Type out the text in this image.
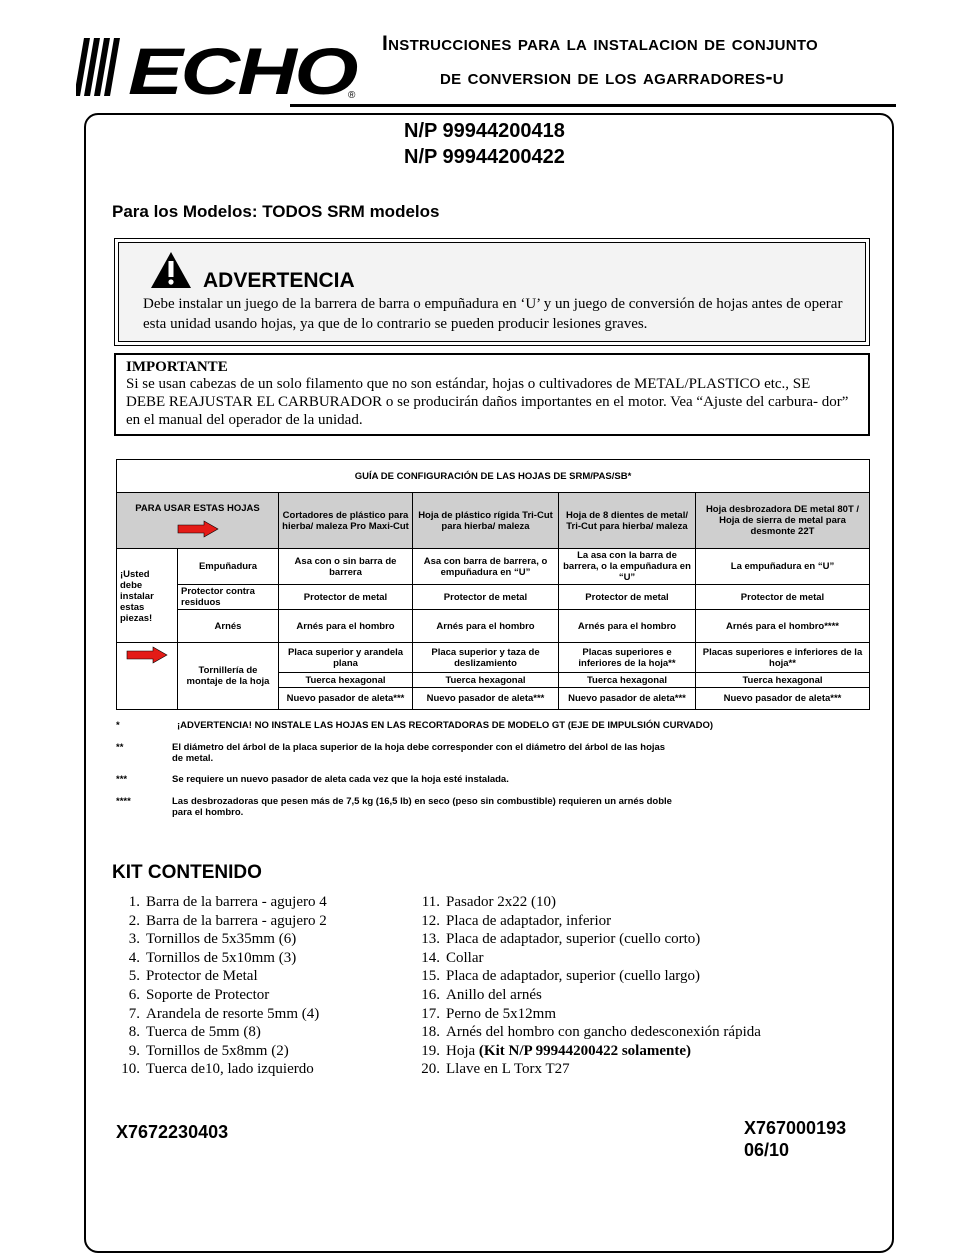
ECHO
®
Instrucciones para la instalacion de conjunto
de conversion de los agarradores-u
N/P 99944200418
N/P 99944200422
Para los Modelos: TODOS SRM modelos
ADVERTENCIA
Debe instalar un juego de la barrera de barra o empuñadura en ‘U’ y un juego de conversión de hojas antes de operar esta unidad usando hojas, ya que de lo contrario se pueden producir lesiones graves.
IMPORTANTE
Si se usan cabezas de un solo filamento que no son estándar, hojas o cultivadores de METAL/PLASTICO etc., SE DEBE REAJUSTAR EL CARBURADOR o se producirán daños importantes en el motor. Vea “Ajuste del carbura- dor” en el manual del operador de la unidad.
GUÍA DE CONFIGURACIÓN DE LAS HOJAS DE SRM/PAS/SB*					
PARA USAR ESTAS HOJAS		Cortadores de plástico para hierba/ maleza Pro Maxi-Cut	Hoja de plástico rígida Tri-Cut para hierba/ maleza	Hoja de 8 dientes de metal/ Tri-Cut para hierba/ maleza	Hoja desbrozadora DE metal 80T / Hoja de sierra de metal para desmonte 22T
¡Usted debe instalar estas piezas!	Empuñadura	Asa con o sin barra de barrera	Asa con barra de barrera, o empuñadura en “U”	La asa con la barra de barrera, o la empuñadura en “U”	La empuñadura en “U”
	Protector contra residuos	Protector de metal	Protector de metal	Protector de metal	Protector de metal
	Arnés	Arnés para el hombro	Arnés para el hombro	Arnés para el hombro	Arnés para el hombro****

	Tornillería de montaje de la hoja	Placa superior y arandela plana	Placa superior y taza de deslizamiento	Placas superiores e inferiores de la hoja**	Placas superiores e inferiores de la hoja**
		Tuerca hexagonal	Tuerca hexagonal	Tuerca hexagonal	Tuerca hexagonal
		Nuevo pasador de aleta***	Nuevo pasador de aleta***	Nuevo pasador de aleta***	Nuevo pasador de aleta***
*	¡ADVERTENCIA! NO INSTALE LAS HOJAS EN LAS RECORTADORAS DE MODELO GT (EJE DE IMPULSIÓN CURVADO)
**	El diámetro del árbol de la placa superior de la hoja debe corresponder con el diámetro del árbol de las hojas de metal.
***	Se requiere un nuevo pasador de aleta cada vez que la hoja esté instalada.
****	Las desbrozadoras que pesen más de 7,5 kg (16,5 lb) en seco (peso sin combustible) requieren un arnés doble para el hombro.
KIT CONTENIDO
1. Barra de la barrera - agujero 4
2. Barra de la barrera - agujero 2
3. Tornillos de 5x35mm (6)
4. Tornillos de 5x10mm (3)
5. Protector de Metal
6. Soporte de Protector
7. Arandela de resorte 5mm (4)
8. Tuerca de 5mm (8)
9. Tornillos de 5x8mm (2)
10. Tuerca de10, lado izquierdo
11. Pasador 2x22 (10)
12. Placa de adaptador, inferior
13. Placa de adaptador, superior (cuello corto)
14. Collar
15. Placa de adaptador, superior (cuello largo)
16. Anillo del arnés
17. Perno de 5x12mm
18. Arnés del hombro con gancho dedesconexión rápida
19. Hoja (Kit N/P 99944200422 solamente)
20. Llave en L Torx T27
X7672230403	X767000193
06/10
